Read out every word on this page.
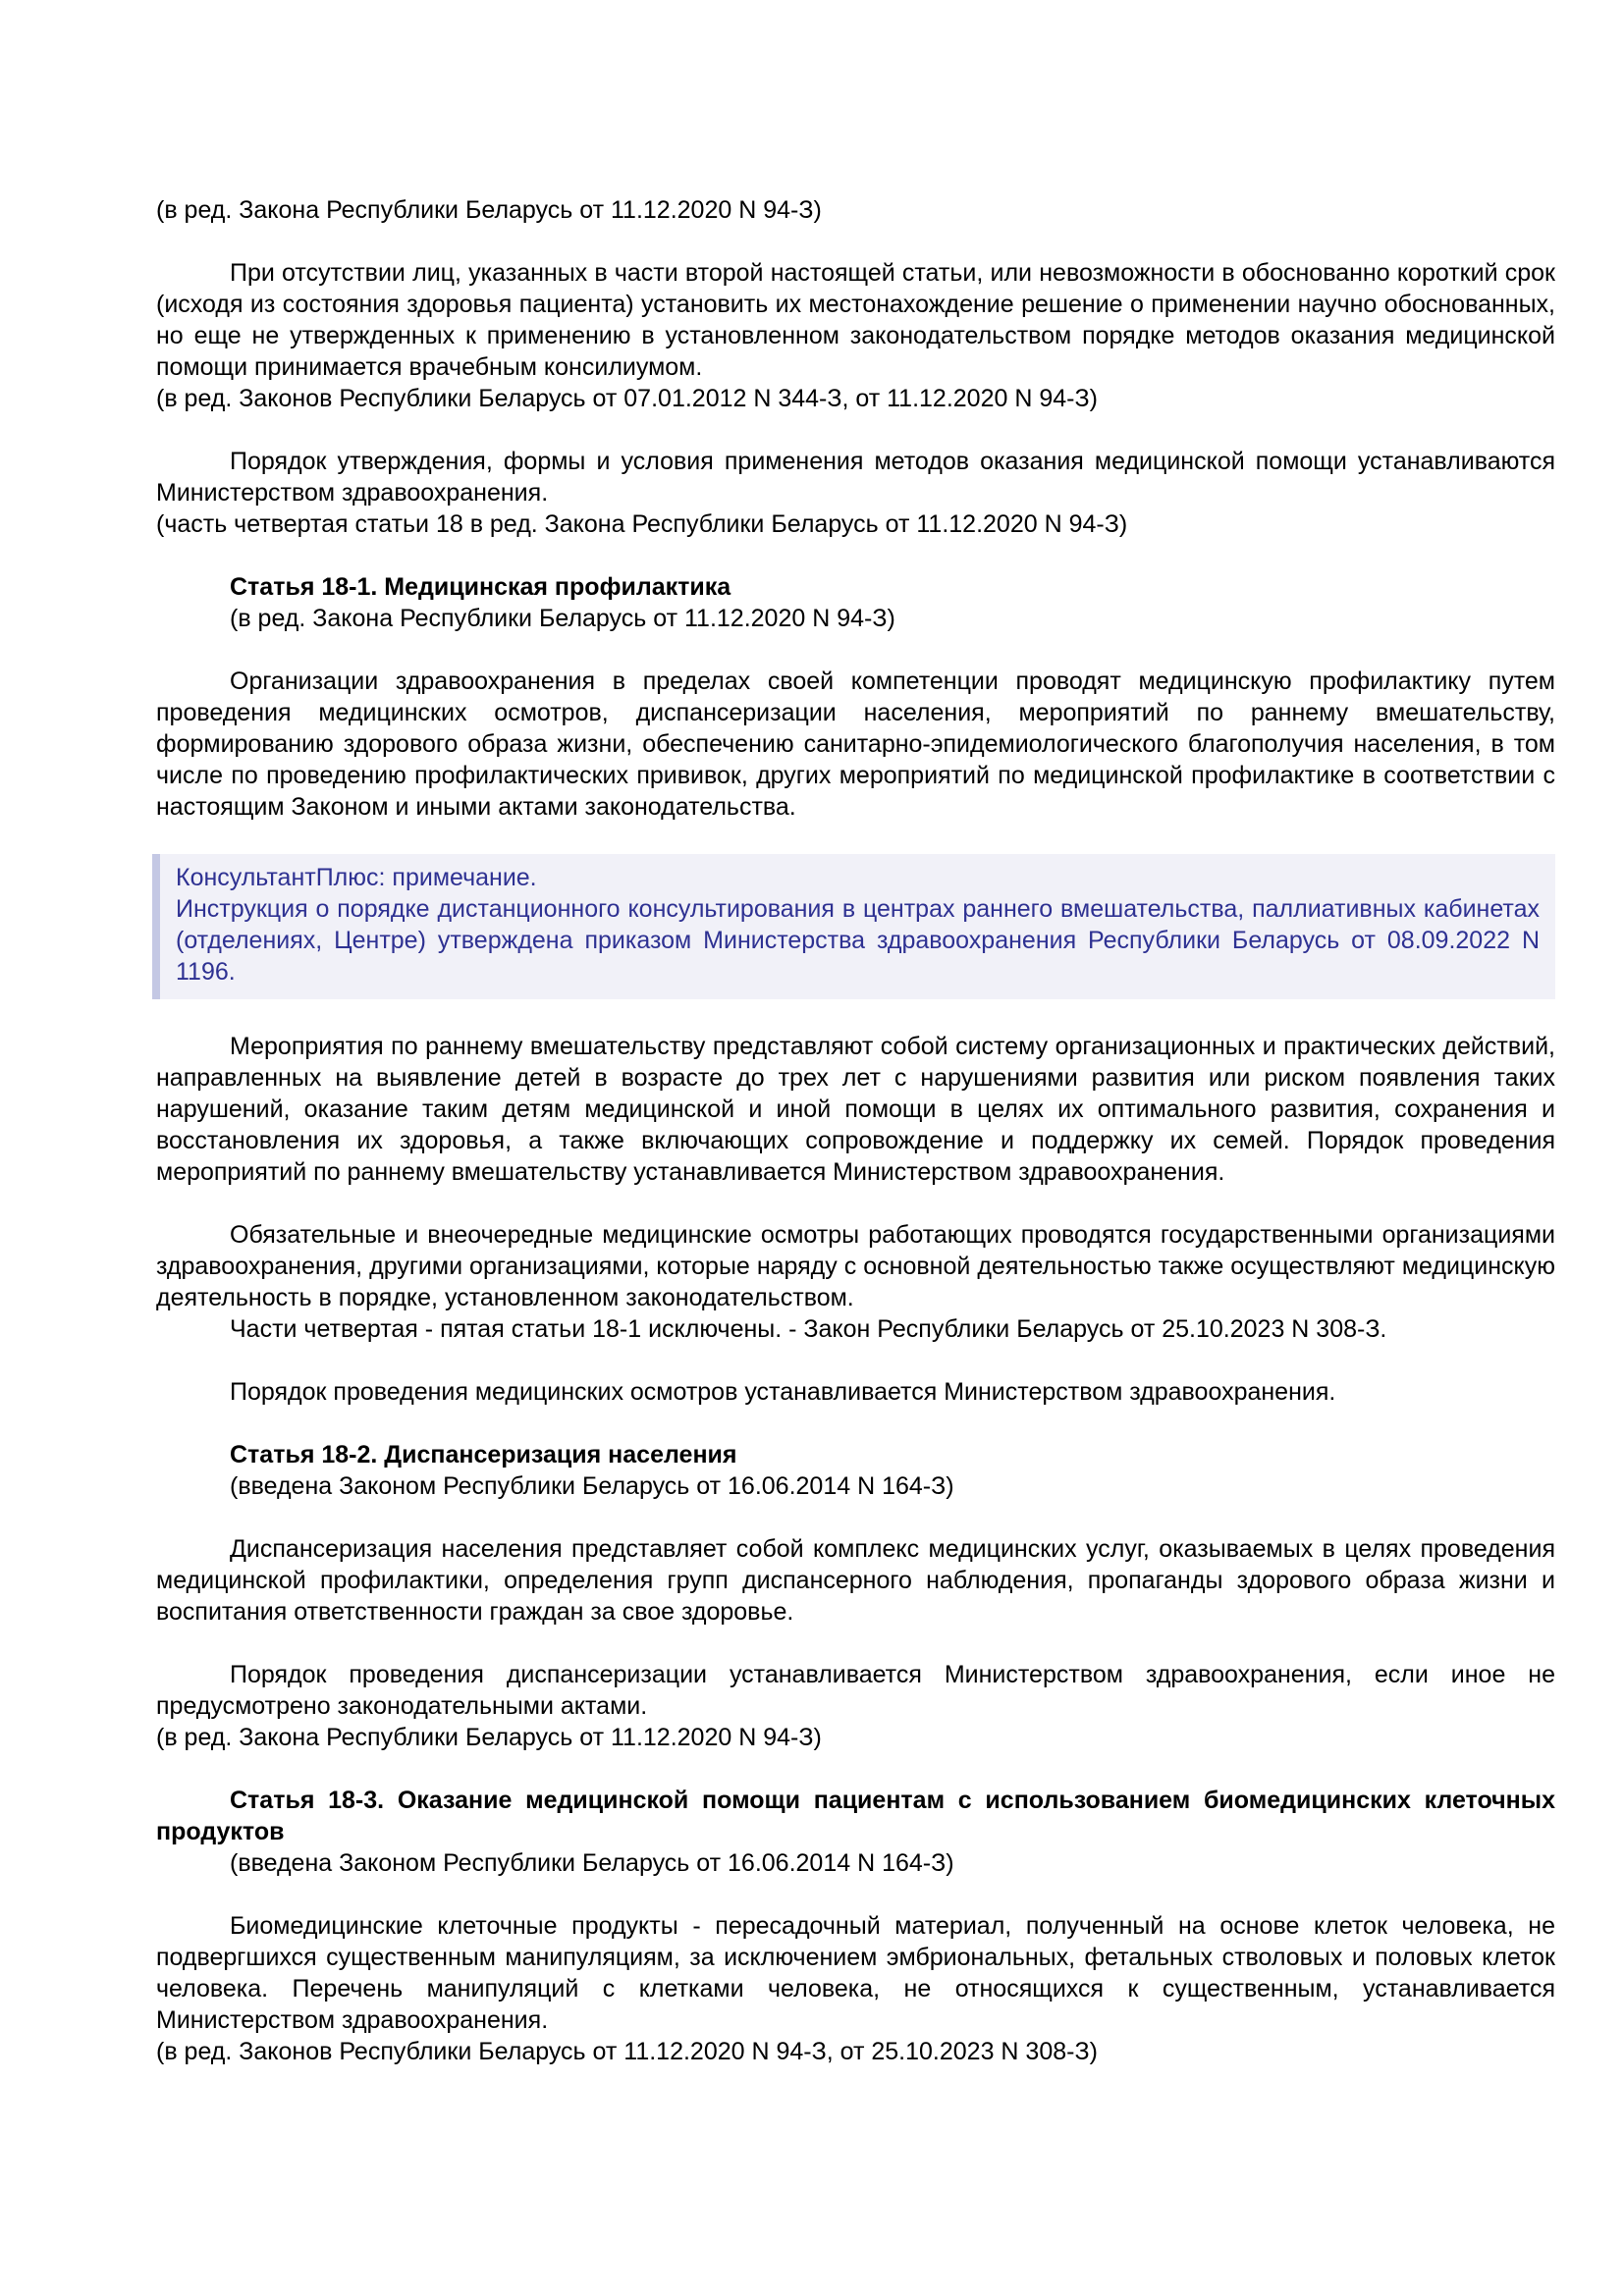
(в ред. Закона Республики Беларусь от 11.12.2020 N 94-З)

При отсутствии лиц, указанных в части второй настоящей статьи, или невозможности в обоснованно короткий срок (исходя из состояния здоровья пациента) установить их местонахождение решение о применении научно обоснованных, но еще не утвержденных к применению в установленном законодательством порядке методов оказания медицинской помощи принимается врачебным консилиумом.

(в ред. Законов Республики Беларусь от 07.01.2012 N 344-З, от 11.12.2020 N 94-З)

Порядок утверждения, формы и условия применения методов оказания медицинской помощи устанавливаются Министерством здравоохранения.

(часть четвертая статьи 18 в ред. Закона Республики Беларусь от 11.12.2020 N 94-З)

Статья 18-1. Медицинская профилактика

(в ред. Закона Республики Беларусь от 11.12.2020 N 94-З)

Организации здравоохранения в пределах своей компетенции проводят медицинскую профилактику путем проведения медицинских осмотров, диспансеризации населения, мероприятий по раннему вмешательству, формированию здорового образа жизни, обеспечению санитарно-эпидемиологического благополучия населения, в том числе по проведению профилактических прививок, других мероприятий по медицинской профилактике в соответствии с настоящим Законом и иными актами законодательства.

КонсультантПлюс: примечание.

Инструкция о порядке дистанционного консультирования в центрах раннего вмешательства, паллиативных кабинетах (отделениях, Центре) утверждена приказом Министерства здравоохранения Республики Беларусь от 08.09.2022 N 1196.

Мероприятия по раннему вмешательству представляют собой систему организационных и практических действий, направленных на выявление детей в возрасте до трех лет с нарушениями развития или риском появления таких нарушений, оказание таким детям медицинской и иной помощи в целях их оптимального развития, сохранения и восстановления их здоровья, а также включающих сопровождение и поддержку их семей. Порядок проведения мероприятий по раннему вмешательству устанавливается Министерством здравоохранения.

Обязательные и внеочередные медицинские осмотры работающих проводятся государственными организациями здравоохранения, другими организациями, которые наряду с основной деятельностью также осуществляют медицинскую деятельность в порядке, установленном законодательством.

Части четвертая - пятая статьи 18-1 исключены. - Закон Республики Беларусь от 25.10.2023 N 308-З.

Порядок проведения медицинских осмотров устанавливается Министерством здравоохранения.

Статья 18-2. Диспансеризация населения

(введена Законом Республики Беларусь от 16.06.2014 N 164-З)

Диспансеризация населения представляет собой комплекс медицинских услуг, оказываемых в целях проведения медицинской профилактики, определения групп диспансерного наблюдения, пропаганды здорового образа жизни и воспитания ответственности граждан за свое здоровье.

Порядок проведения диспансеризации устанавливается Министерством здравоохранения, если иное не предусмотрено законодательными актами.

(в ред. Закона Республики Беларусь от 11.12.2020 N 94-З)

Статья 18-3. Оказание медицинской помощи пациентам с использованием биомедицинских клеточных продуктов

(введена Законом Республики Беларусь от 16.06.2014 N 164-З)

Биомедицинские клеточные продукты - пересадочный материал, полученный на основе клеток человека, не подвергшихся существенным манипуляциям, за исключением эмбриональных, фетальных стволовых и половых клеток человека. Перечень манипуляций с клетками человека, не относящихся к существенным, устанавливается Министерством здравоохранения.

(в ред. Законов Республики Беларусь от 11.12.2020 N 94-З, от 25.10.2023 N 308-З)
